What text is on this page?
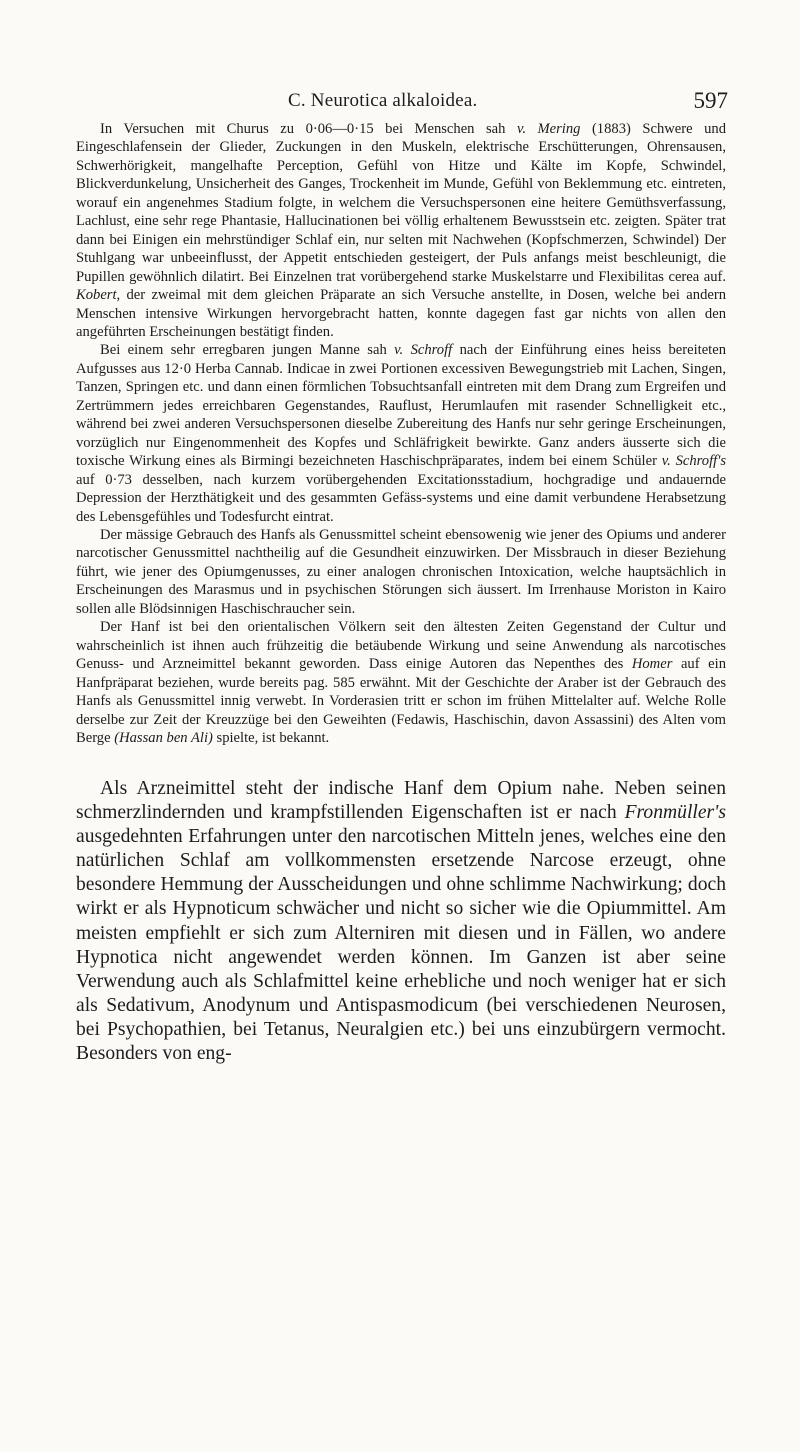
C. Neurotica alkaloidea.	597

In Versuchen mit Churus zu 0·06—0·15 bei Menschen sah v. Mering (1883) Schwere und Eingeschlafensein der Glieder, Zuckungen in den Muskeln, elektrische Erschütterungen, Ohrensausen, Schwerhörigkeit, mangelhafte Perception, Gefühl von Hitze und Kälte im Kopfe, Schwindel, Blickverdunkelung, Unsicherheit des Ganges, Trockenheit im Munde, Gefühl von Beklemmung etc. eintreten, worauf ein angenehmes Stadium folgte, in welchem die Versuchspersonen eine heitere Gemüthsverfassung, Lachlust, eine sehr rege Phantasie, Hallucinationen bei völlig erhaltenem Bewusstsein etc. zeigten. Später trat dann bei Einigen ein mehrstündiger Schlaf ein, nur selten mit Nachwehen (Kopfschmerzen, Schwindel) Der Stuhlgang war unbeeinflusst, der Appetit entschieden gesteigert, der Puls anfangs meist beschleunigt, die Pupillen gewöhnlich dilatirt. Bei Einzelnen trat vorübergehend starke Muskelstarre und Flexibilitas cerea auf. Kobert, der zweimal mit dem gleichen Präparate an sich Versuche anstellte, in Dosen, welche bei andern Menschen intensive Wirkungen hervorgebracht hatten, konnte dagegen fast gar nichts von allen den angeführten Erscheinungen bestätigt finden.

Bei einem sehr erregbaren jungen Manne sah v. Schroff nach der Einführung eines heiss bereiteten Aufgusses aus 12·0 Herba Cannab. Indicae in zwei Portionen excessiven Bewegungstrieb mit Lachen, Singen, Tanzen, Springen etc. und dann einen förmlichen Tobsuchtsanfall eintreten mit dem Drang zum Ergreifen und Zertrümmern jedes erreichbaren Gegenstandes, Raufl‌ust, Herumlaufen mit rasender Schnelligkeit etc., während bei zwei anderen Versuchspersonen dieselbe Zubereitung des Hanfs nur sehr geringe Erscheinungen, vorzüglich nur Eingenommenheit des Kopfes und Schläfrigkeit bewirkte. Ganz anders äusserte sich die toxische Wirkung eines als Birmingi bezeichneten Haschischpräparates, indem bei einem Schüler v. Schroff's auf 0·73 desselben, nach kurzem vorübergehenden Excitationsstadium, hochgradige und andauernde Depression der Herzthätigkeit und des gesammten Gefäss-systems und eine damit verbundene Herabsetzung des Lebensgefühles und Todesfurcht eintrat.

Der mässige Gebrauch des Hanfs als Genussmittel scheint ebensowenig wie jener des Opiums und anderer narcotischer Genussmittel nachtheilig auf die Gesundheit einzuwirken. Der Missbrauch in dieser Beziehung führt, wie jener des Opiumgenusses, zu einer analogen chronischen Intoxication, welche hauptsächlich in Erscheinungen des Marasmus und in psychischen Störungen sich äussert. Im Irrenhause Moriston in Kairo sollen alle Blödsinnigen Haschischraucher sein.

Der Hanf ist bei den orientalischen Völkern seit den ältesten Zeiten Gegenstand der Cultur und wahrscheinlich ist ihnen auch frühzeitig die betäubende Wirkung und seine Anwendung als narcotisches Genuss- und Arzneimittel bekannt geworden. Dass einige Autoren das Nepenthes des Homer auf ein Hanfpräparat beziehen, wurde bereits pag. 585 erwähnt. Mit der Geschichte der Araber ist der Gebrauch des Hanfs als Genussmittel innig verwebt. In Vorderasien tritt er schon im frühen Mittelalter auf. Welche Rolle derselbe zur Zeit der Kreuzzüge bei den Geweihten (Fedawis, Haschischin, davon Assassini) des Alten vom Berge (Hassan ben Ali) spielte, ist bekannt.

Als Arzneimittel steht der indische Hanf dem Opium nahe. Neben seinen schmerzlindernden und krampfstillenden Eigenschaften ist er nach Fronmüller's ausgedehnten Erfahrungen unter den narcotischen Mitteln jenes, welches eine den natürlichen Schlaf am vollkommensten ersetzende Narcose erzeugt, ohne besondere Hemmung der Ausscheidungen und ohne schlimme Nachwirkung; doch wirkt er als Hypnoticum schwächer und nicht so sicher wie die Opiummittel. Am meisten empfiehlt er sich zum Alterniren mit diesen und in Fällen, wo andere Hypnotica nicht angewendet werden können. Im Ganzen ist aber seine Verwendung auch als Schlafmittel keine erhebliche und noch weniger hat er sich als Sedativum, Anodynum und Antispasmodicum (bei verschiedenen Neurosen, bei Psychopathien, bei Tetanus, Neuralgien etc.) bei uns einzubürgern vermocht. Besonders von eng-
